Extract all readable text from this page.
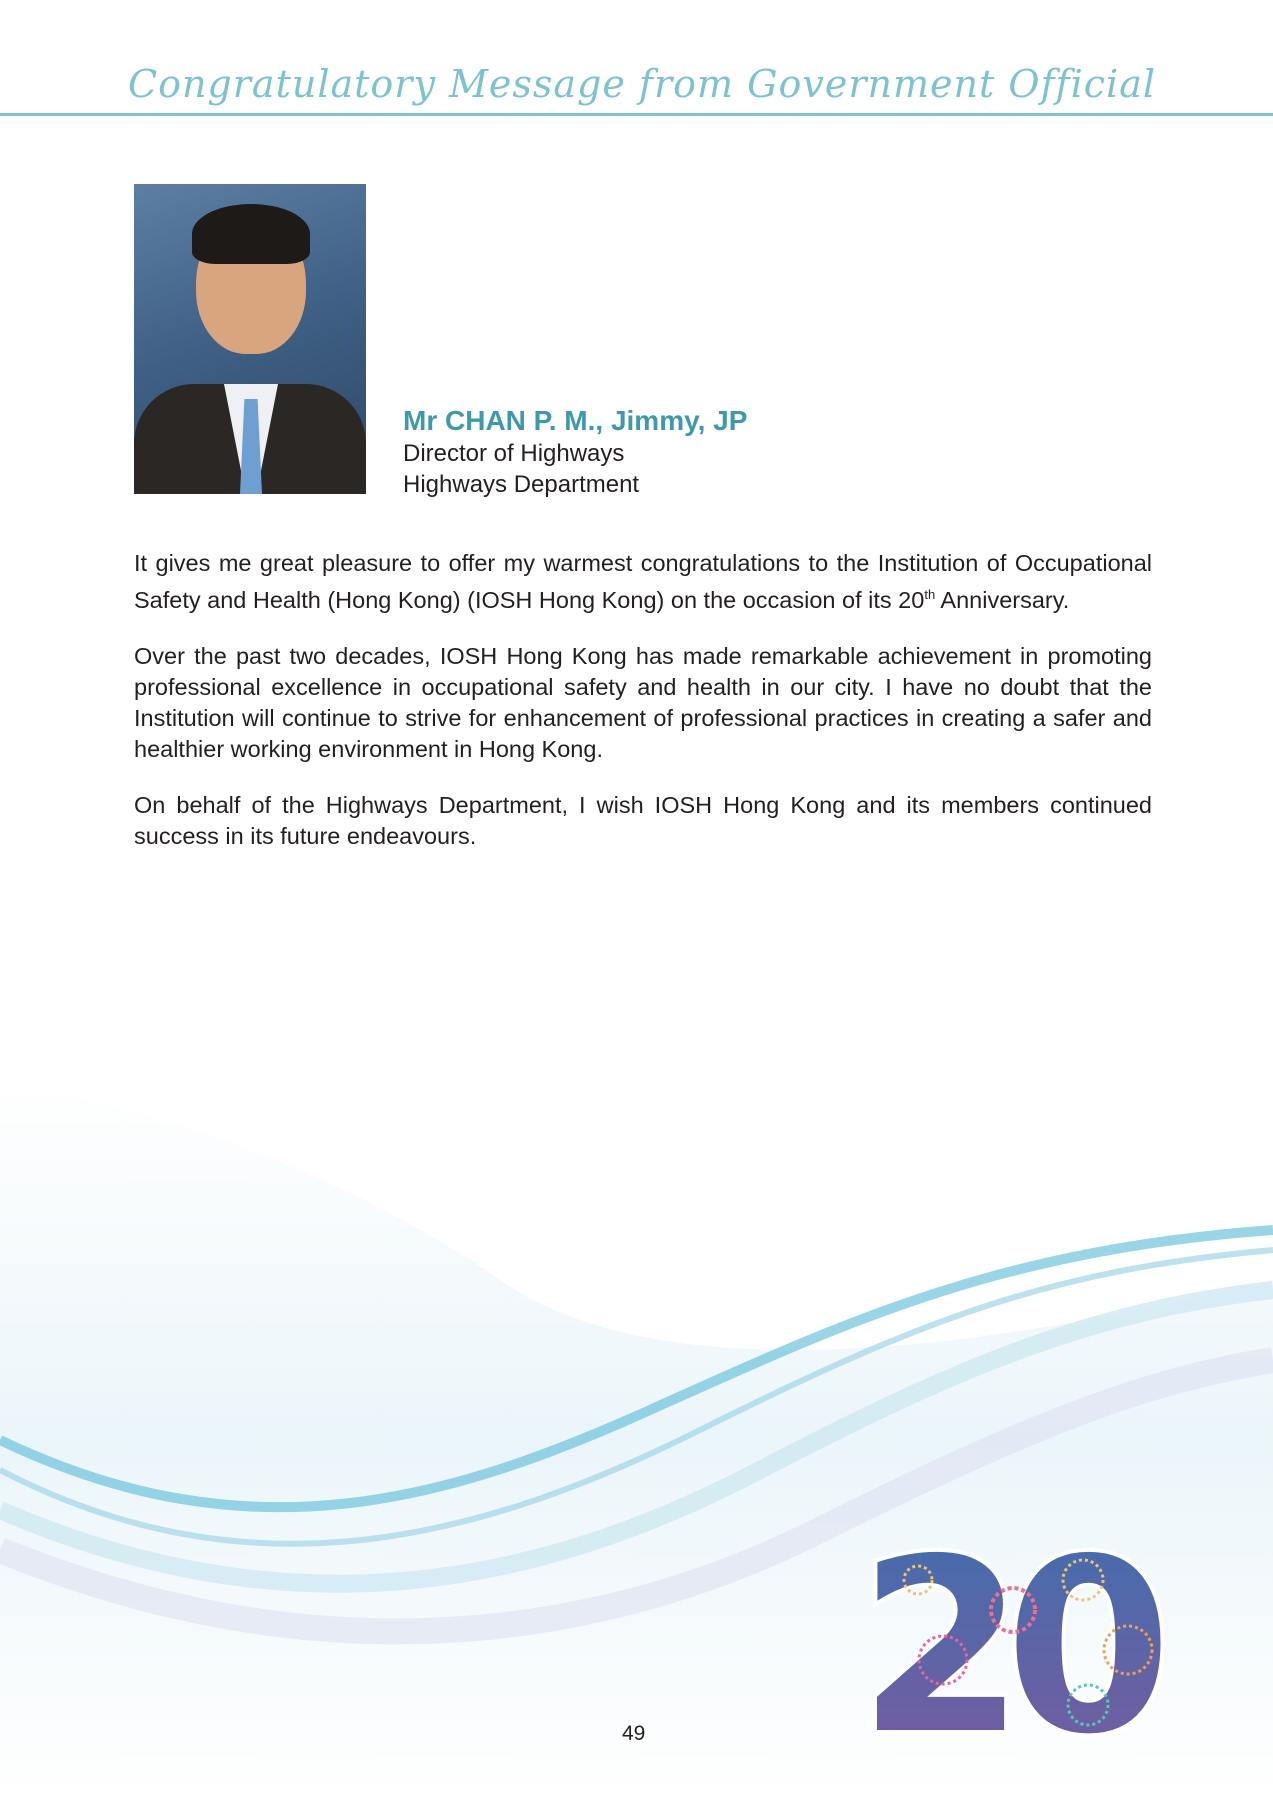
Congratulatory Message from Government Official
Mr CHAN P. M., Jimmy, JP
Director of Highways
Highways Department

It gives me great pleasure to offer my warmest congratulations to the Institution of Occupational Safety and Health (Hong Kong) (IOSH Hong Kong) on the occasion of its 20th Anniversary.

Over the past two decades, IOSH Hong Kong has made remarkable achievement in promoting professional excellence in occupational safety and health in our city. I have no doubt that the Institution will continue to strive for enhancement of professional practices in creating a safer and healthier working environment in Hong Kong.

On behalf of the Highways Department, I wish IOSH Hong Kong and its members continued success in its future endeavours.

20
49
